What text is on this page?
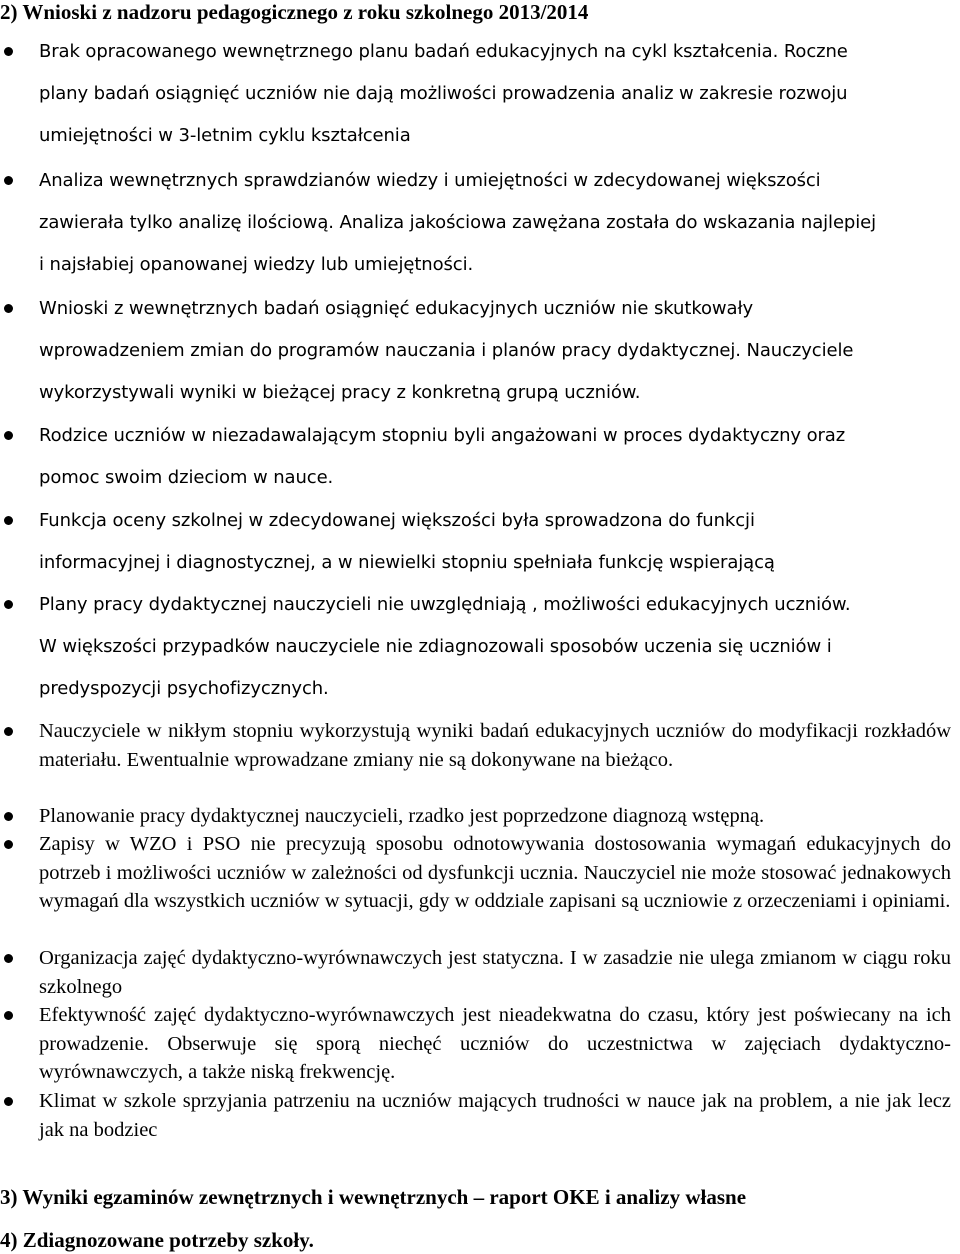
2) Wnioski z nadzoru pedagogicznego z roku szkolnego 2013/2014
Brak opracowanego wewnętrznego planu badań edukacyjnych na cykl kształcenia. Roczne
plany badań osiągnięć uczniów nie dają możliwości prowadzenia analiz w zakresie rozwoju
umiejętności w 3-letnim cyklu kształcenia
Analiza wewnętrznych sprawdzianów wiedzy i umiejętności w zdecydowanej większości
zawierała tylko analizę ilościową. Analiza jakościowa zawężana została do wskazania najlepiej
i najsłabiej opanowanej wiedzy lub umiejętności.
Wnioski z wewnętrznych badań osiągnięć edukacyjnych uczniów nie skutkowały
wprowadzeniem zmian do programów nauczania i planów pracy dydaktycznej. Nauczyciele
wykorzystywali wyniki w bieżącej pracy z konkretną grupą uczniów.
Rodzice uczniów w niezadawalającym stopniu byli angażowani w proces dydaktyczny oraz
pomoc swoim dzieciom w nauce.
Funkcja oceny szkolnej w zdecydowanej większości była sprowadzona do funkcji
informacyjnej i diagnostycznej, a w niewielki stopniu spełniała funkcję wspierającą
Plany pracy dydaktycznej nauczycieli nie uwzględniają , możliwości edukacyjnych uczniów.
W większości przypadków nauczyciele nie zdiagnozowali sposobów uczenia się uczniów i
predyspozycji psychofizycznych.
Nauczyciele w nikłym stopniu wykorzystują wyniki badań edukacyjnych uczniów do modyfikacji rozkładów materiału. Ewentualnie wprowadzane zmiany nie są dokonywane na bieżąco.
Planowanie pracy dydaktycznej nauczycieli, rzadko jest poprzedzone diagnozą wstępną.
Zapisy w WZO i PSO nie precyzują sposobu odnotowywania dostosowania wymagań edukacyjnych do potrzeb i możliwości uczniów w zależności od dysfunkcji ucznia. Nauczyciel nie może stosować jednakowych wymagań dla wszystkich uczniów w sytuacji, gdy w oddziale zapisani są uczniowie z orzeczeniami i opiniami.
Organizacja zajęć dydaktyczno-wyrównawczych jest statyczna. I w zasadzie nie ulega zmianom w ciągu roku szkolnego
Efektywność zajęć dydaktyczno-wyrównawczych jest nieadekwatna do czasu, który jest poświecany na ich prowadzenie. Obserwuje się sporą niechęć uczniów do uczestnictwa w zajęciach dydaktyczno-wyrównawczych, a także niską frekwencję.
Klimat w szkole sprzyjania patrzeniu na uczniów mających trudności w nauce jak na problem, a nie jak lecz jak na bodziec
3) Wyniki egzaminów zewnętrznych i wewnętrznych – raport OKE i analizy własne
4) Zdiagnozowane potrzeby szkoły.
